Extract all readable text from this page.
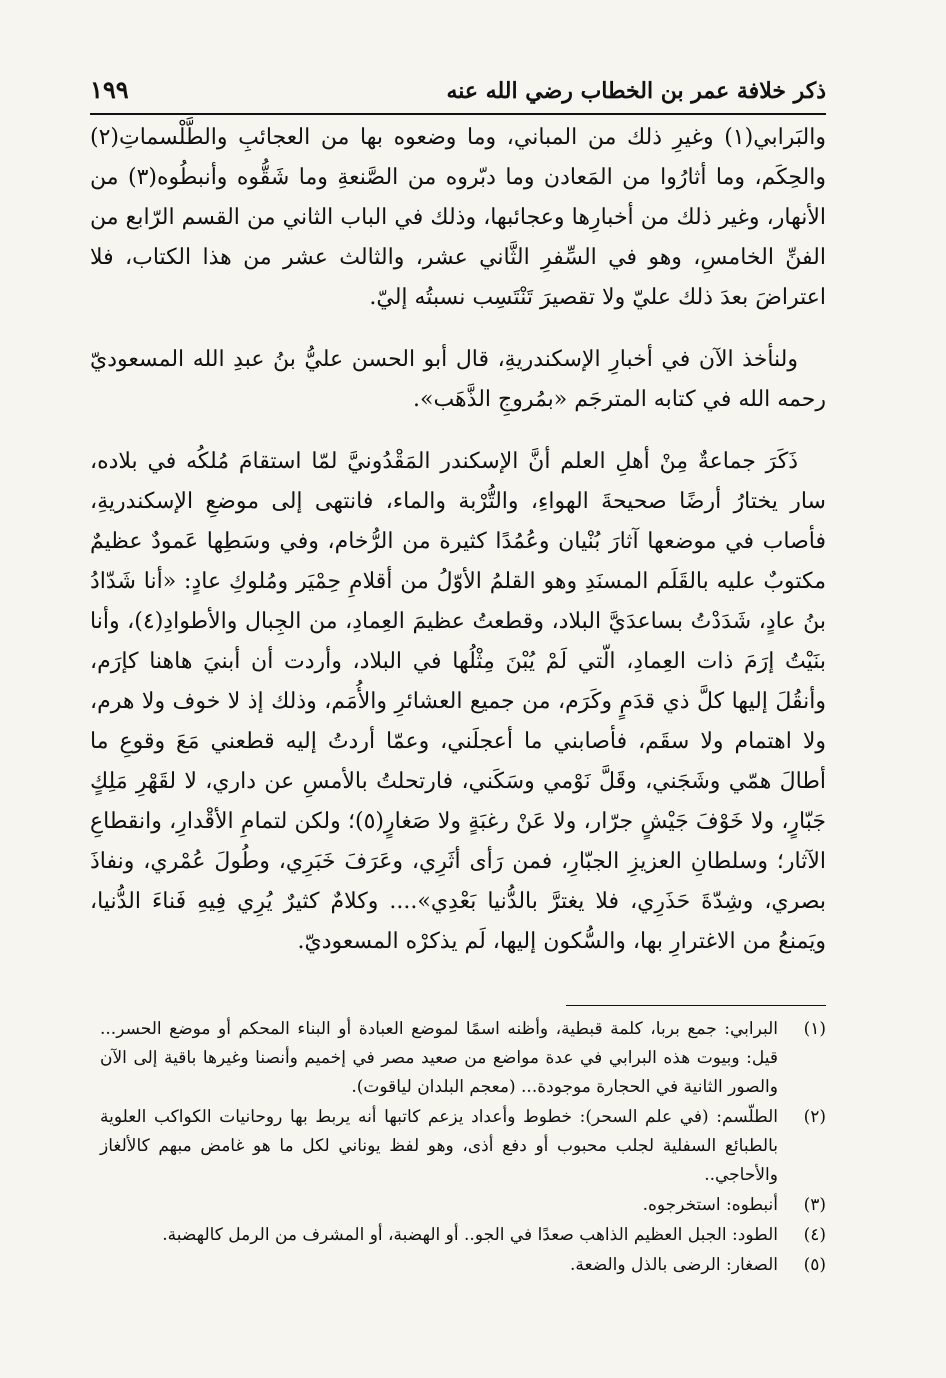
ذكر خلافة عمر بن الخطاب رضي الله عنه
١٩٩

والبَرابي(١) وغيرِ ذلك من المباني، وما وضعوه بها من العجائبِ والطَّلْسماتِ(٢) والحِكَم، وما أثارُوا من المَعادن وما دبّروه من الصَّنعةِ وما شَقُّوه وأنبطُوه(٣) من الأنهار، وغير ذلك من أخبارِها وعجائبها، وذلك في الباب الثاني من القسم الرّابع من الفنِّ الخامسِ، وهو في السِّفرِ الثَّاني عشر، والثالث عشر من هذا الكتاب، فلا اعتراضَ بعدَ ذلك عليّ ولا تقصيرَ تَنْتَسِب نسبتُه إليّ.

ولنأخذ الآن في أخبارِ الإسكندريةِ، قال أبو الحسن عليُّ بنُ عبدِ الله المسعوديّ رحمه الله في كتابه المترجَم «بمُروجِ الذَّهَب».

ذَكَرَ جماعةٌ مِنْ أهلِ العلم أنَّ الإسكندر المَقْدُونيَّ لمّا استقامَ مُلكُه في بلاده، سار يختارُ أرضًا صحيحةَ الهواءِ، والتُّرْبة والماء، فانتهى إلى موضعِ الإسكندريةِ، فأصاب في موضعها آثارَ بُنْيان وعُمُدًا كثيرة من الرُّخام، وفي وسَطِها عَمودٌ عظيمٌ مكتوبٌ عليه بالقَلَم المسنَدِ وهو القلمُ الأوّلُ من أقلامِ حِمْيَر ومُلوكِ عادٍ: «أنا شَدّادُ بنُ عادٍ، شَدَدْتُ بساعدَيَّ البلاد، وقطعتُ عظيمَ العِمادِ، من الجِبال والأطوادِ(٤)، وأنا بنَيْتُ إرَمَ ذات العِمادِ، الّتي لَمْ يُبْنَ مِثْلُها في البلاد، وأردت أن أبنيَ هاهنا كإرَم، وأنقُلَ إليها كلَّ ذي قدَمٍ وكَرَم، من جميع العشائرِ والأُمَم، وذلك إذ لا خوف ولا هرم، ولا اهتمام ولا سقَم، فأصابني ما أعجلَني، وعمّا أردتُ إليه قطعني مَعَ وقوعِ ما أطالَ همّي وشَجَني، وقَلَّ نَوْمي وسَكَني، فارتحلتُ بالأمسِ عن داري، لا لقَهْرِ مَلِكٍ جَبّارٍ، ولا خَوْفَ جَيْشٍ جرّار، ولا عَنْ رغبَةٍ ولا صَغارٍ(٥)؛ ولكن لتمامِ الأقْدارِ، وانقطاعِ الآثار؛ وسلطانِ العزيزِ الجبّارِ، فمن رَأى أثَرِي، وعَرَفَ خَبَرِي، وطُولَ عُمْري، ونفاذَ بصري، وشِدّةَ حَذَرِي، فلا يغترَّ بالدُّنيا بَعْدِي».... وكلامٌ كثيرٌ يُرِي فِيهِ فَناءَ الدُّنيا، ويَمنعُ من الاغترارِ بها، والسُّكون إليها، لَم يذكرْه المسعوديّ.

(١)
البرابي: جمع بربا، كلمة قبطية، وأظنه اسمًا لموضع العبادة أو البناء المحكم أو موضع الحسر... قيل: وبيوت هذه البرابي في عدة مواضع من صعيد مصر في إخميم وأنصنا وغيرها باقية إلى الآن والصور الثانية في الحجارة موجودة... (معجم البلدان لياقوت).
(٢)
الطلّسم: (في علم السحر): خطوط وأعداد يزعم كاتبها أنه يربط بها روحانيات الكواكب العلوية بالطبائع السفلية لجلب محبوب أو دفع أذى، وهو لفظ يوناني لكل ما هو غامض مبهم كالألغاز والأحاجي..
(٣)
أنبطوه: استخرجوه.
(٤)
الطود: الجبل العظيم الذاهب صعدًا في الجو.. أو الهضبة، أو المشرف من الرمل كالهضبة.
(٥)
الصغار: الرضى بالذل والضعة.
